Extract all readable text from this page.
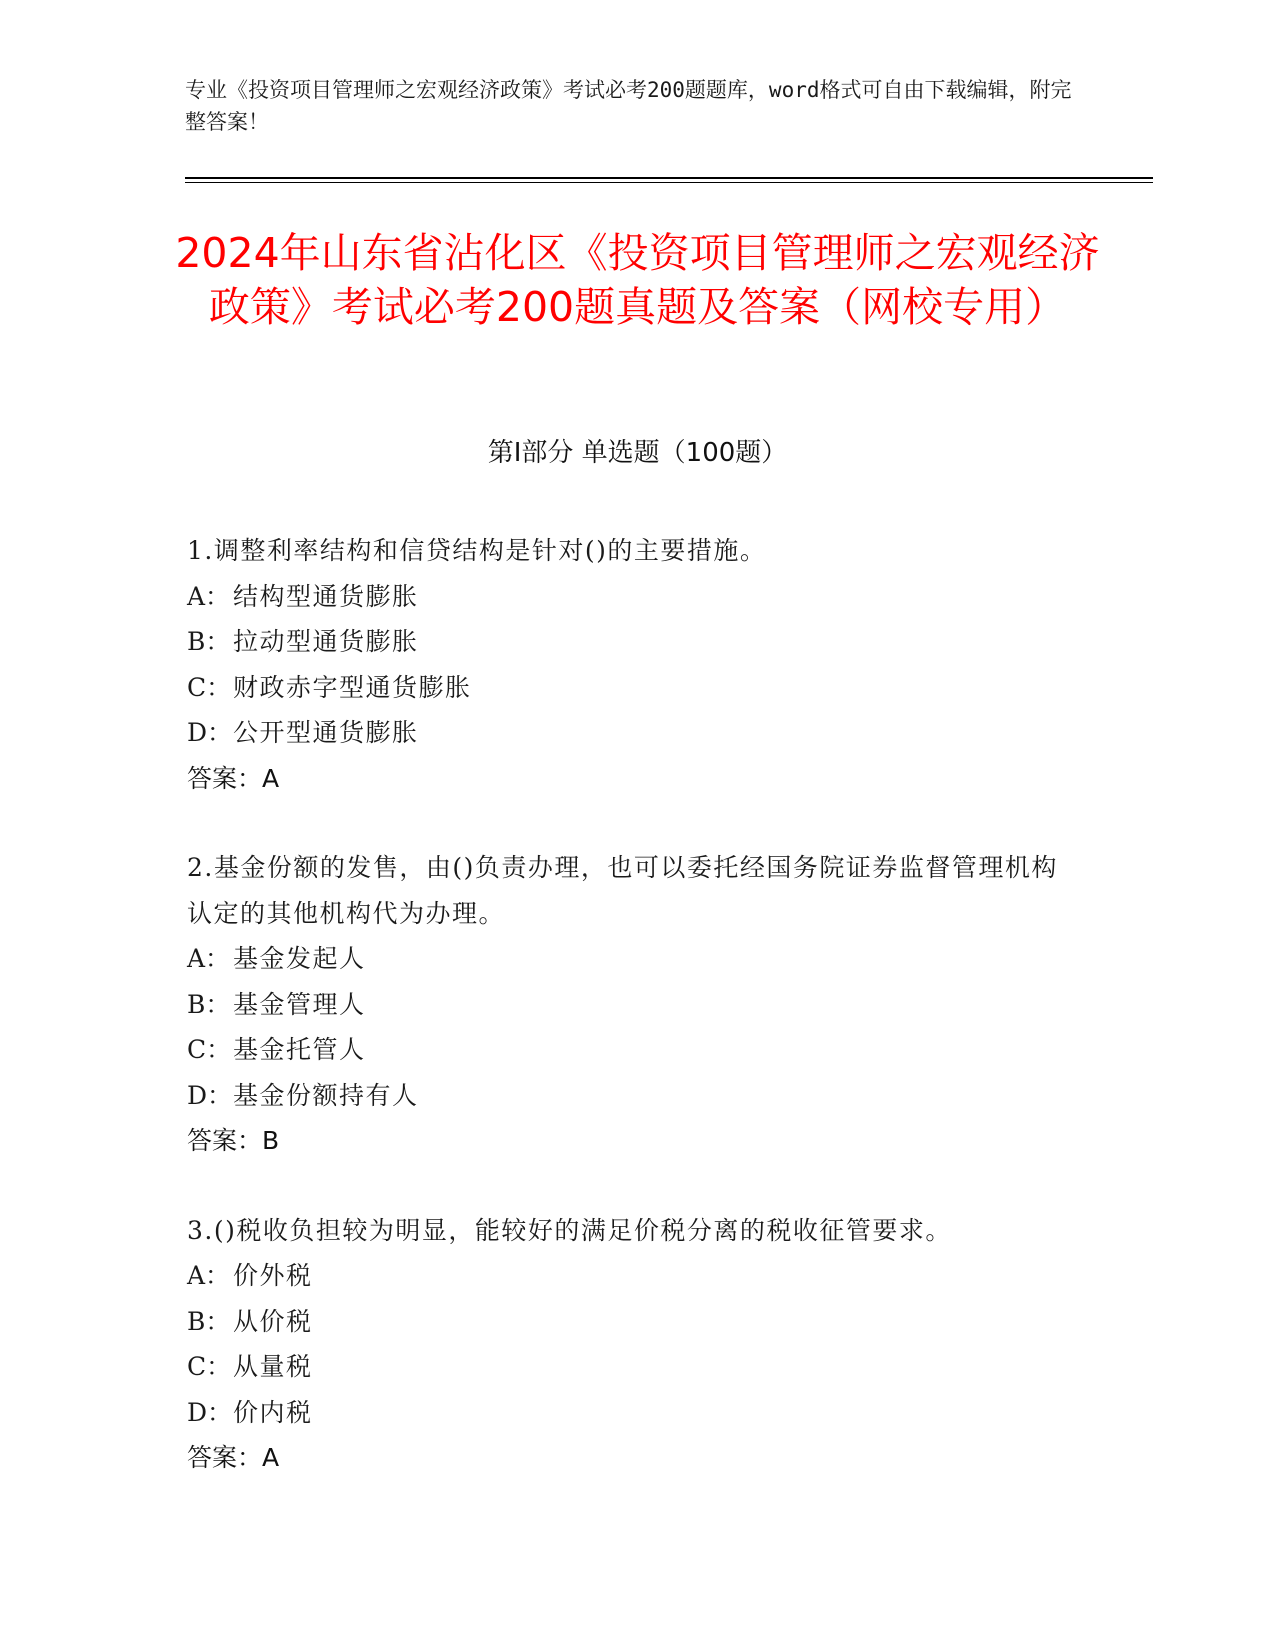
专业《投资项目管理师之宏观经济政策》考试必考200题题库，word格式可自由下载编辑，附完整答案！
2024年山东省沾化区《投资项目管理师之宏观经济政策》考试必考200题真题及答案（网校专用）
第I部分 单选题（100题）
1.调整利率结构和信贷结构是针对()的主要措施。
A： 结构型通货膨胀
B： 拉动型通货膨胀
C：财政赤字型通货膨胀
D：公开型通货膨胀
答案：A
2.基金份额的发售，由()负责办理，也可以委托经国务院证券监督管理机构认定的其他机构代为办理。
A： 基金发起人
B： 基金管理人
C：基金托管人
D：基金份额持有人
答案：B
3.()税收负担较为明显，能较好的满足价税分离的税收征管要求。
A： 价外税
B： 从价税
C：从量税
D：价内税
答案：A
